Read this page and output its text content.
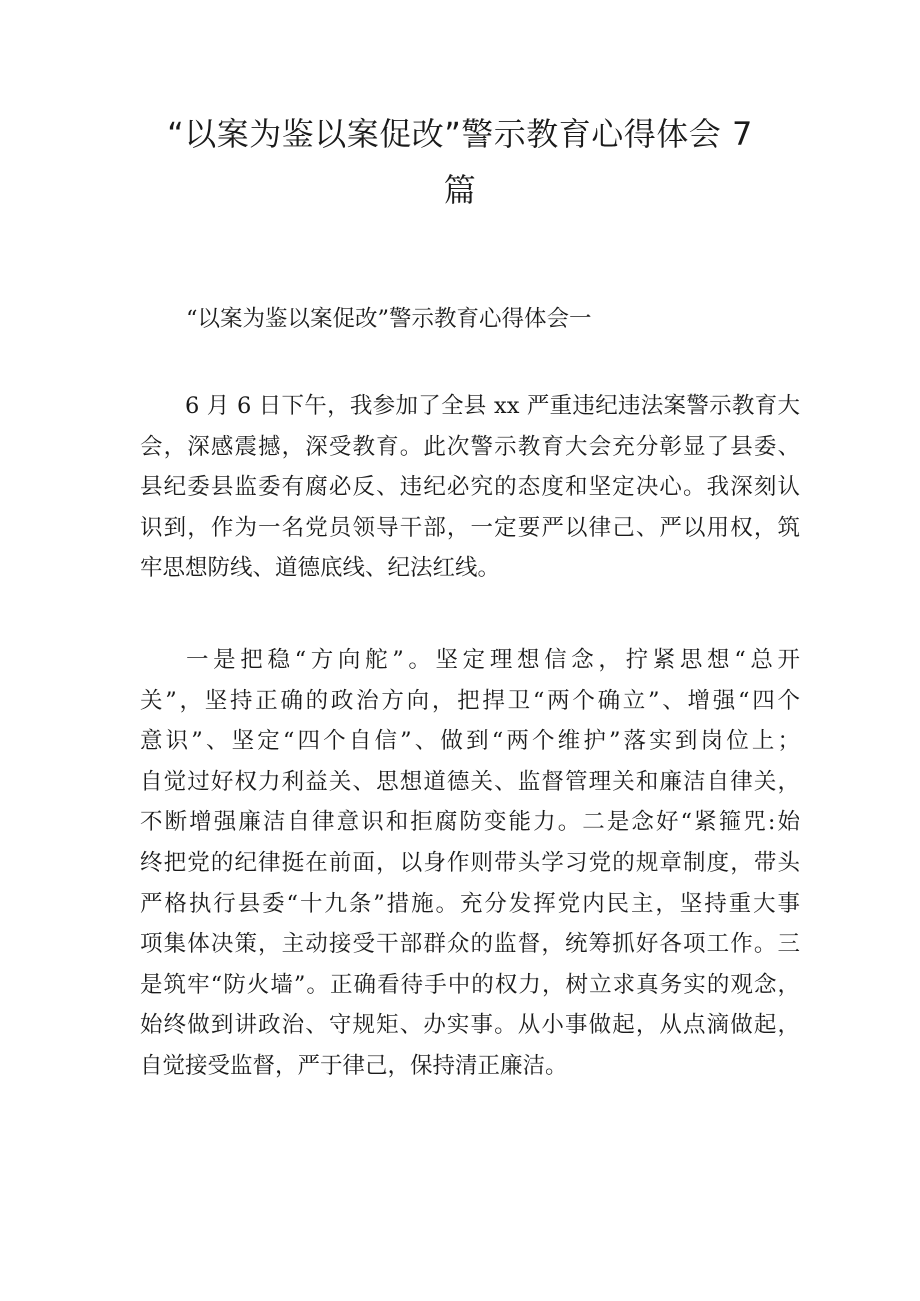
“以案为鉴以案促改”警示教育心得体会 7
篇
“以案为鉴以案促改”警示教育心得体会一
6 月 6 日下午，我参加了全县 xx 严重违纪违法案警示教育大
会，深感震撼，深受教育。此次警示教育大会充分彰显了县委、
县纪委县监委有腐必反、违纪必究的态度和坚定决心。我深刻认
识到，作为一名党员领导干部，一定要严以律己、严以用权，筑
牢思想防线、道德底线、纪法红线。
一是把稳“方向舵”。坚定理想信念，拧紧思想“总开
关”，坚持正确的政治方向，把捍卫“两个确立”、增强“四个
意识”、坚定“四个自信”、做到“两个维护”落实到岗位上；
自觉过好权力利益关、思想道德关、监督管理关和廉洁自律关，
不断增强廉洁自律意识和拒腐防变能力。二是念好“紧箍咒:始
终把党的纪律挺在前面，以身作则带头学习党的规章制度，带头
严格执行县委“十九条”措施。充分发挥党内民主，坚持重大事
项集体决策，主动接受干部群众的监督，统筹抓好各项工作。三
是筑牢“防火墙”。正确看待手中的权力，树立求真务实的观念，
始终做到讲政治、守规矩、办实事。从小事做起，从点滴做起，
自觉接受监督，严于律己，保持清正廉洁。
